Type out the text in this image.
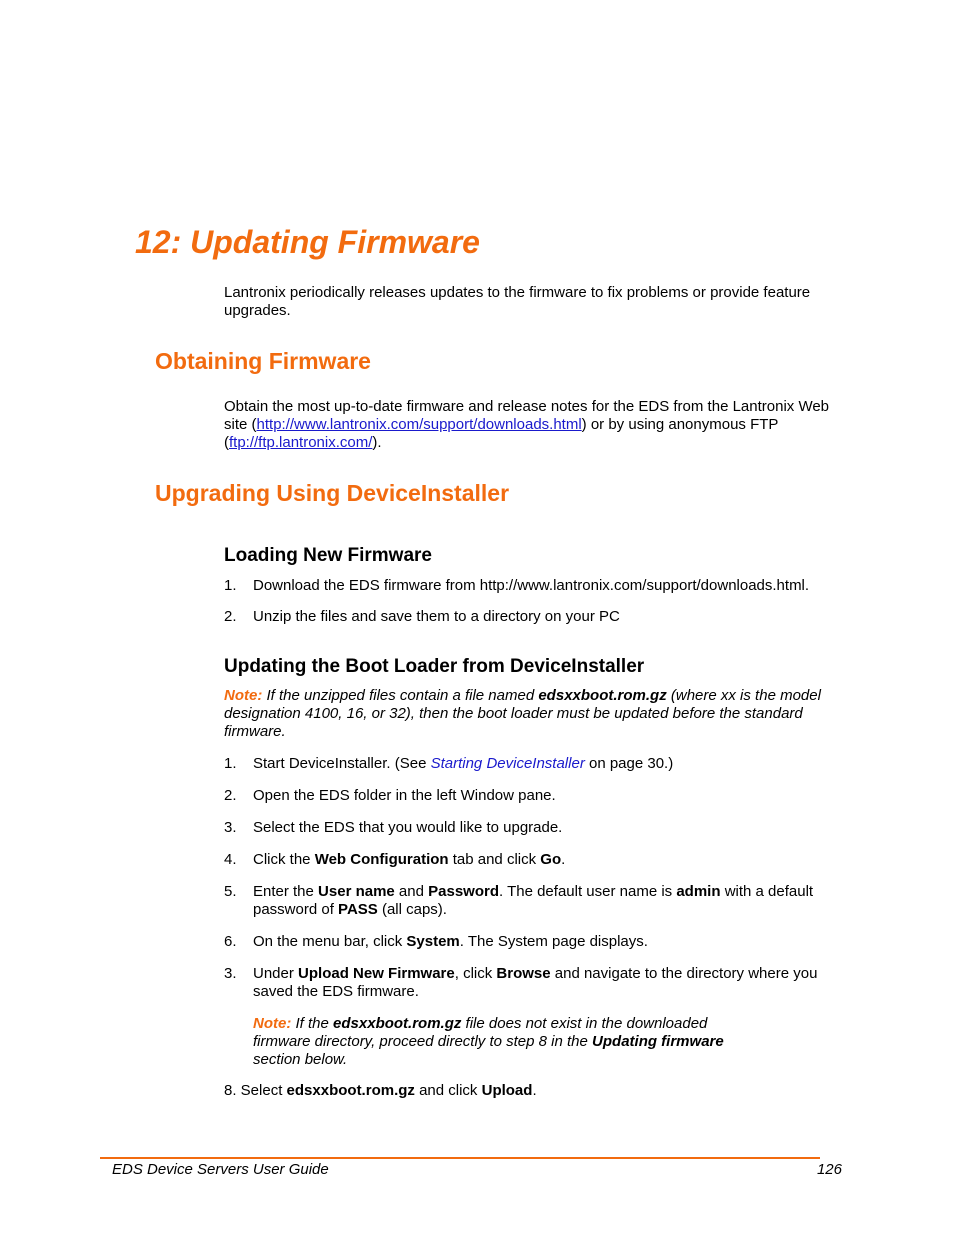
12: Updating Firmware
Lantronix periodically releases updates to the firmware to fix problems or provide feature upgrades.
Obtaining Firmware
Obtain the most up-to-date firmware and release notes for the EDS from the Lantronix Web site (http://www.lantronix.com/support/downloads.html) or by using anonymous FTP (ftp://ftp.lantronix.com/).
Upgrading Using DeviceInstaller
Loading New Firmware
1. Download the EDS firmware from http://www.lantronix.com/support/downloads.html.
2. Unzip the files and save them to a directory on your PC
Updating the Boot Loader from DeviceInstaller
Note: If the unzipped files contain a file named edsxxboot.rom.gz (where xx is the model designation 4100, 16, or 32), then the boot loader must be updated before the standard firmware.
1. Start DeviceInstaller. (See Starting DeviceInstaller on page 30.)
2. Open the EDS folder in the left Window pane.
3. Select the EDS that you would like to upgrade.
4. Click the Web Configuration tab and click Go.
5. Enter the User name and Password. The default user name is admin with a default password of PASS (all caps).
6. On the menu bar, click System. The System page displays.
3. Under Upload New Firmware, click Browse and navigate to the directory where you saved the EDS firmware.
Note: If the edsxxboot.rom.gz file does not exist in the downloaded firmware directory, proceed directly to step 8 in the Updating firmware section below.
8. Select edsxxboot.rom.gz and click Upload.
EDS Device Servers User Guide	126
